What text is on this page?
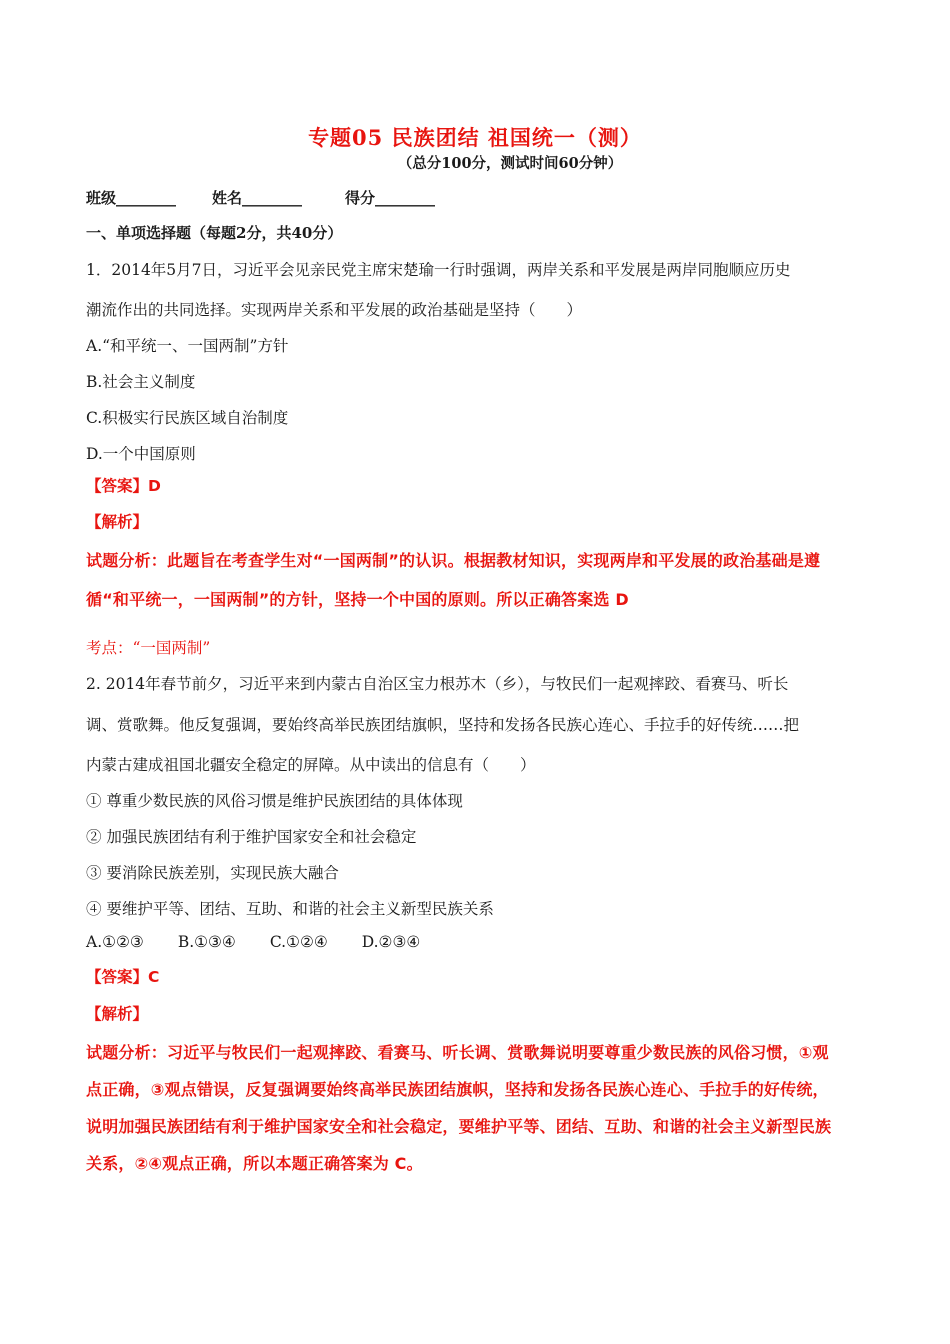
专题05 民族团结 祖国统一（测）
（总分100分，测试时间60分钟）
班级________ 姓名________	得分________
一、单项选择题（每题2分，共40分）
1．2014年5月7日，习近平会见亲民党主席宋楚瑜一行时强调，两岸关系和平发展是两岸同胞顺应历史
潮流作出的共同选择。实现两岸关系和平发展的政治基础是坚持（　　）
A.“和平统一、一国两制”方针
B.社会主义制度
C.积极实行民族区域自治制度
D.一个中国原则
【答案】D
【解析】
试题分析：此题旨在考查学生对“一国两制”的认识。根据教材知识，实现两岸和平发展的政治基础是遵
循“和平统一，一国两制”的方针，坚持一个中国的原则。所以正确答案选 D
考点：“一国两制”
2. 2014年春节前夕，习近平来到内蒙古自治区宝力根苏木（乡），与牧民们一起观摔跤、看赛马、听长
调、赏歌舞。他反复强调，要始终高举民族团结旗帜，坚持和发扬各民族心连心、手拉手的好传统……把
内蒙古建成祖国北疆安全稳定的屏障。从中读出的信息有（　　）
① 尊重少数民族的风俗习惯是维护民族团结的具体体现
② 加强民族团结有利于维护国家安全和社会稳定
③ 要消除民族差别，实现民族大融合
④ 要维护平等、团结、互助、和谐的社会主义新型民族关系
A.①②③ B.①③④ C.①②④ D.②③④
【答案】C
【解析】
试题分析：习近平与牧民们一起观摔跤、看赛马、听长调、赏歌舞说明要尊重少数民族的风俗习惯，①观
点正确，③观点错误，反复强调要始终高举民族团结旗帜，坚持和发扬各民族心连心、手拉手的好传统，
说明加强民族团结有利于维护国家安全和社会稳定，要维护平等、团结、互助、和谐的社会主义新型民族
关系，②④观点正确，所以本题正确答案为 C。
